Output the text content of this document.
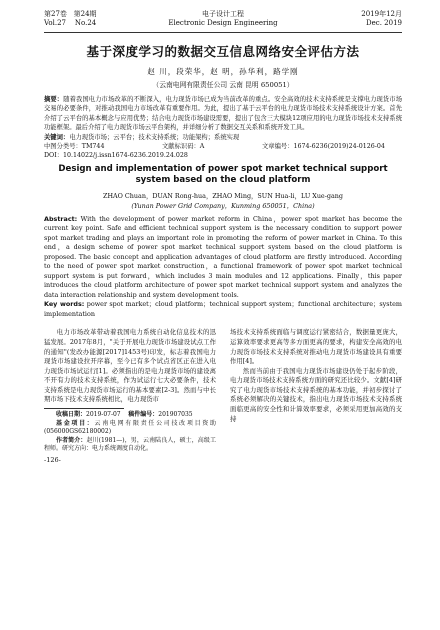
第27卷 第24期
Vol.27 No.24
电子设计工程
Electronic Design Engineering
2019年12月
Dec. 2019
基于深度学习的数据交互信息网络安全评估方法
赵 川，段荣华，赵 明，孙华利，路学刚
（云南电网有限责任公司 云南 昆明 650051）

摘要：随着我国电力市场改革的不断深入，电力现货市场已成为当前改革的重点。安全高效的技术支持系统是支撑电力现货市场交易的必要条件，对推动我国电力市场改革有重要作用。为此，提出了基于云平台的电力现货市场技术支持系统设计方案。首先介绍了云平台的基本概念与应用优势；结合电力现货市场建设需要，提出了包含三大模块12项应用的电力现货市场技术支持系统功能框架。最后介绍了电力现货市场云平台架构，并详细分析了数据交互关系和系统开发工具。

关键词：电力现货市场；云平台；技术支持系统；功能架构；系统实现

中图分类号：TM744	文献标识码：A	文章编号：1674-6236(2019)24-0126-04
DOI：10.14022/j.issn1674-6236.2019.24.028
Design and implementation of power spot market technical support system based on the cloud platform
ZHAO Chuan，DUAN Rong-hua，ZHAO Ming，SUN Hua-li，LU Xue-gang
(Yunan Power Grid Company，Kunming 650051，China)

Abstract: With the development of power market reform in China，power spot market has become the current key point. Safe and efficient technical support system is the necessary condition to support power spot market trading and plays an important role in promoting the reform of power market in China. To this end，a design scheme of power spot market technical support system based on the cloud platform is proposed. The basic concept and application advantages of cloud platform are firstly introduced. According to the need of power spot market construction，a functional framework of power spot market technical support system is put forward，which includes 3 main modules and 12 applications. Finally，this paper introduces the cloud platform architecture of power spot market technical support system and analyzes the data interaction relationship and system development tools.

Key words: power spot market；cloud platform；technical support system；functional architecture；system implementation

电力市场改革带动着我国电力系统自动化信息技术的迅猛发展。2017年8月，"关于开展电力现货市场建设试点工作的通知"(发改办能源[2017]1453号)印发，标志着我国电力现货市场建设拉开序幕，至今已有多个试点省区正在进入电力现货市场试运行[1]。必须指出的是电力现货市场的建设离不开有力的技术支持系统，作为试运行七大必要条件，技术支持系统是电力现货市场运行的基本要素[2-3]。然而与中长期市场下技术支持系统相比，电力现货市

收稿日期：2019-07-07 稿件编号：201907035

基金项目：云南电网有限责任公司技改项目资助(056000GS62180002)

作者简介：赵川(1981—)，男，云南陆良人，硕士，高级工程师。研究方向：电力系统调度自动化。

-126-

场技术支持系统面临与调度运行紧密结合，数据量更庞大，运算效率要求更高等多方面更高的要求，构建安全高效的电力现货市场技术支持系统对推动电力现货市场建设具有重要作用[4]。

然而当前由于我国电力现货市场建设仍处于起步阶段，电力现货市场技术支持系统方面的研究还比较少。文献[4]研究了电力现货市场技术支持系统的基本功能，并初步探讨了系统必须解决的关键技术，指出电力现货市场技术支持系统面临更高的安全性和计算效率要求，必须采用更加高效的支持
